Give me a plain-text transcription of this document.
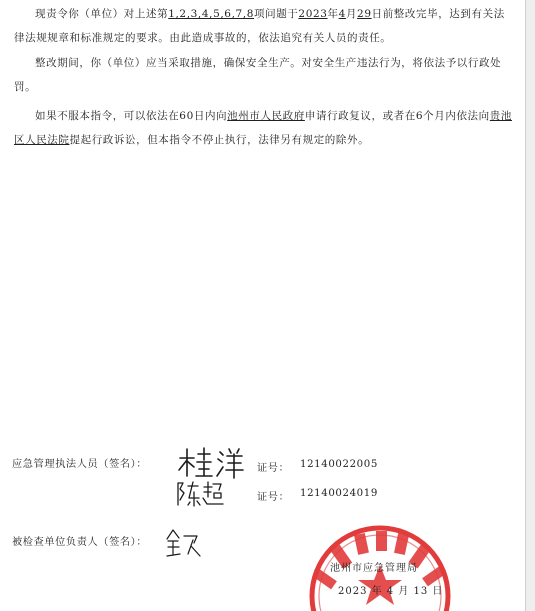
现责令你（单位）对上述第1,2,3,4,5,6,7,8项问题于2023年4月29日前整改完毕，达到有关法律法规规章和标准规定的要求。由此造成事故的，依法追究有关人员的责任。

整改期间，你（单位）应当采取措施，确保安全生产。对安全生产违法行为，将依法予以行政处罚。

如果不服本指令，可以依法在60日内向池州市人民政府申请行政复议，或者在6个月内依法向贵池区人民法院提起行政诉讼，但本指令不停止执行，法律另有规定的除外。

应急管理执法人员（签名）：	证号： 12140022005
证号： 12140024019
被检查单位负责人（签名）：
池州市应急管理局
2023 年 4 月 13 日
